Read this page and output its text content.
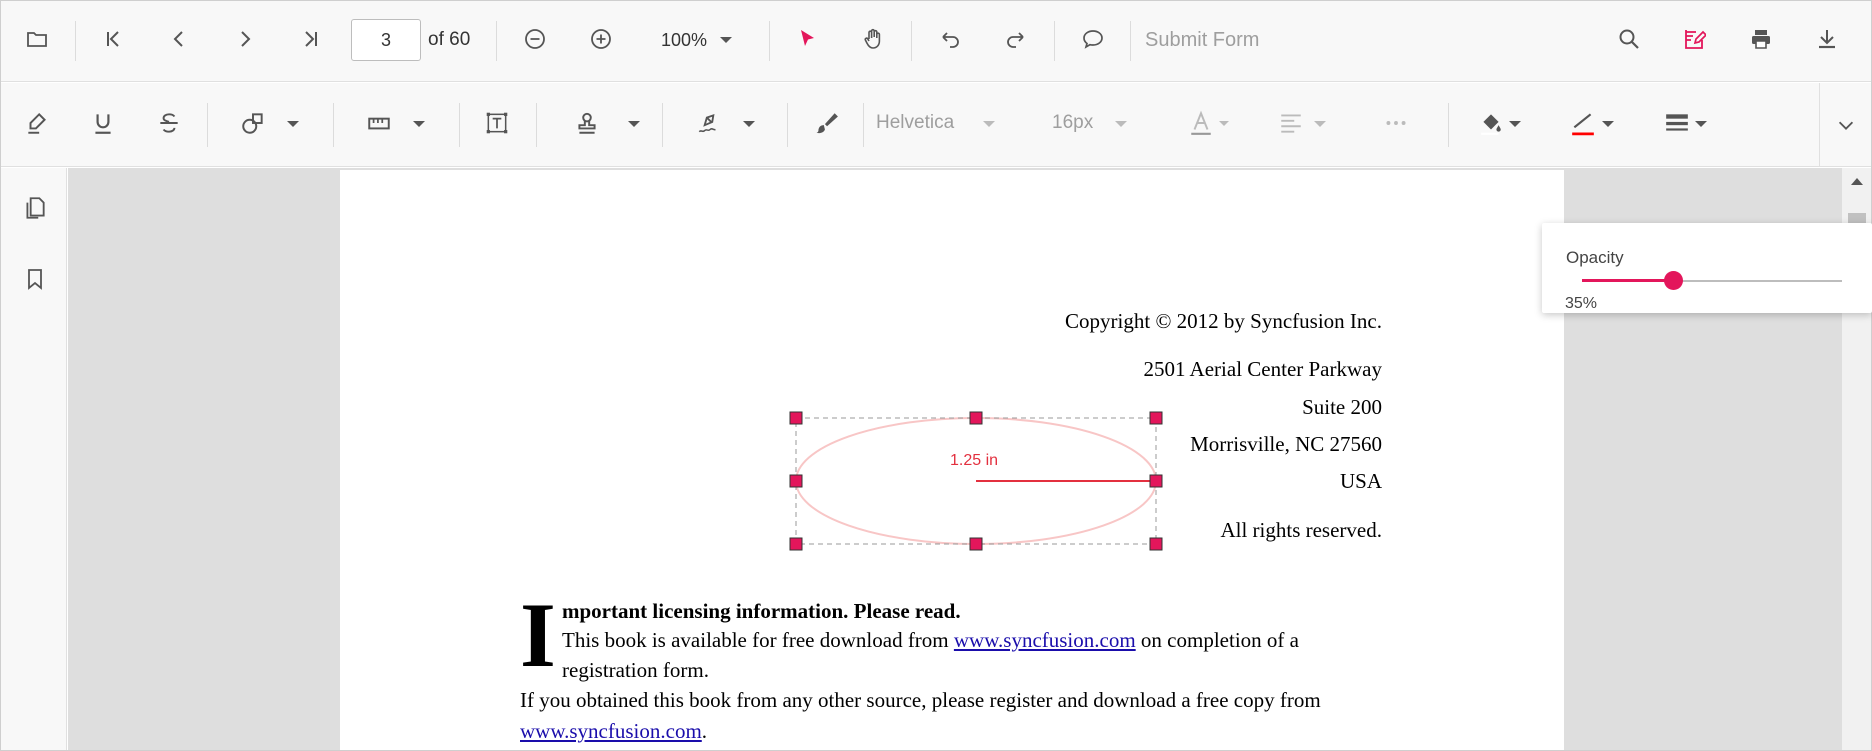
3
of 60	100%	Submit Form
Helvetica	16px
Copyright © 2012 by Syncfusion Inc.
2501 Aerial Center Parkway
Suite 200
Morrisville, NC 27560
USA
All rights reserved.
I mportant licensing information. Please read.
This book is available for free download from www.syncfusion.com on completion of a
registration form.
If you obtained this book from any other source, please register and download a free copy from
www.syncfusion.com.
1.25 in
Opacity
35%
